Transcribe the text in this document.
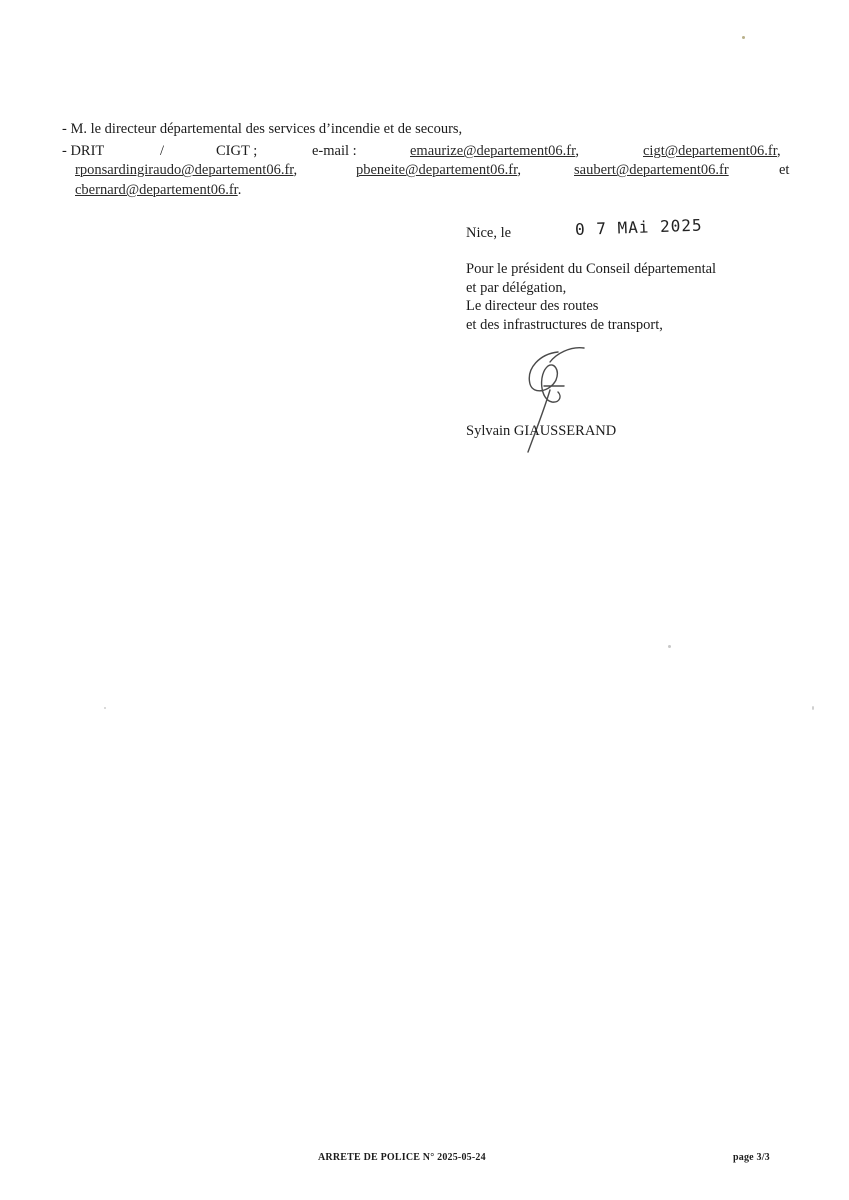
- M. le directeur départemental des services d’incendie et de secours,
- DRIT	/	CIGT ;	e-mail :	emaurize@departement06.fr,	cigt@departement06.fr,
rponsardingiraudo@departement06.fr,	pbeneite@departement06.fr,	saubert@departement06.fr	et
cbernard@departement06.fr.
Nice, le	0 7 MAi 2025
Pour le président du Conseil départemental
et par délégation,
Le directeur des routes
et des infrastructures de transport,
Sylvain GIAUSSERAND
ARRETE DE POLICE N° 2025-05-24	page 3/3
